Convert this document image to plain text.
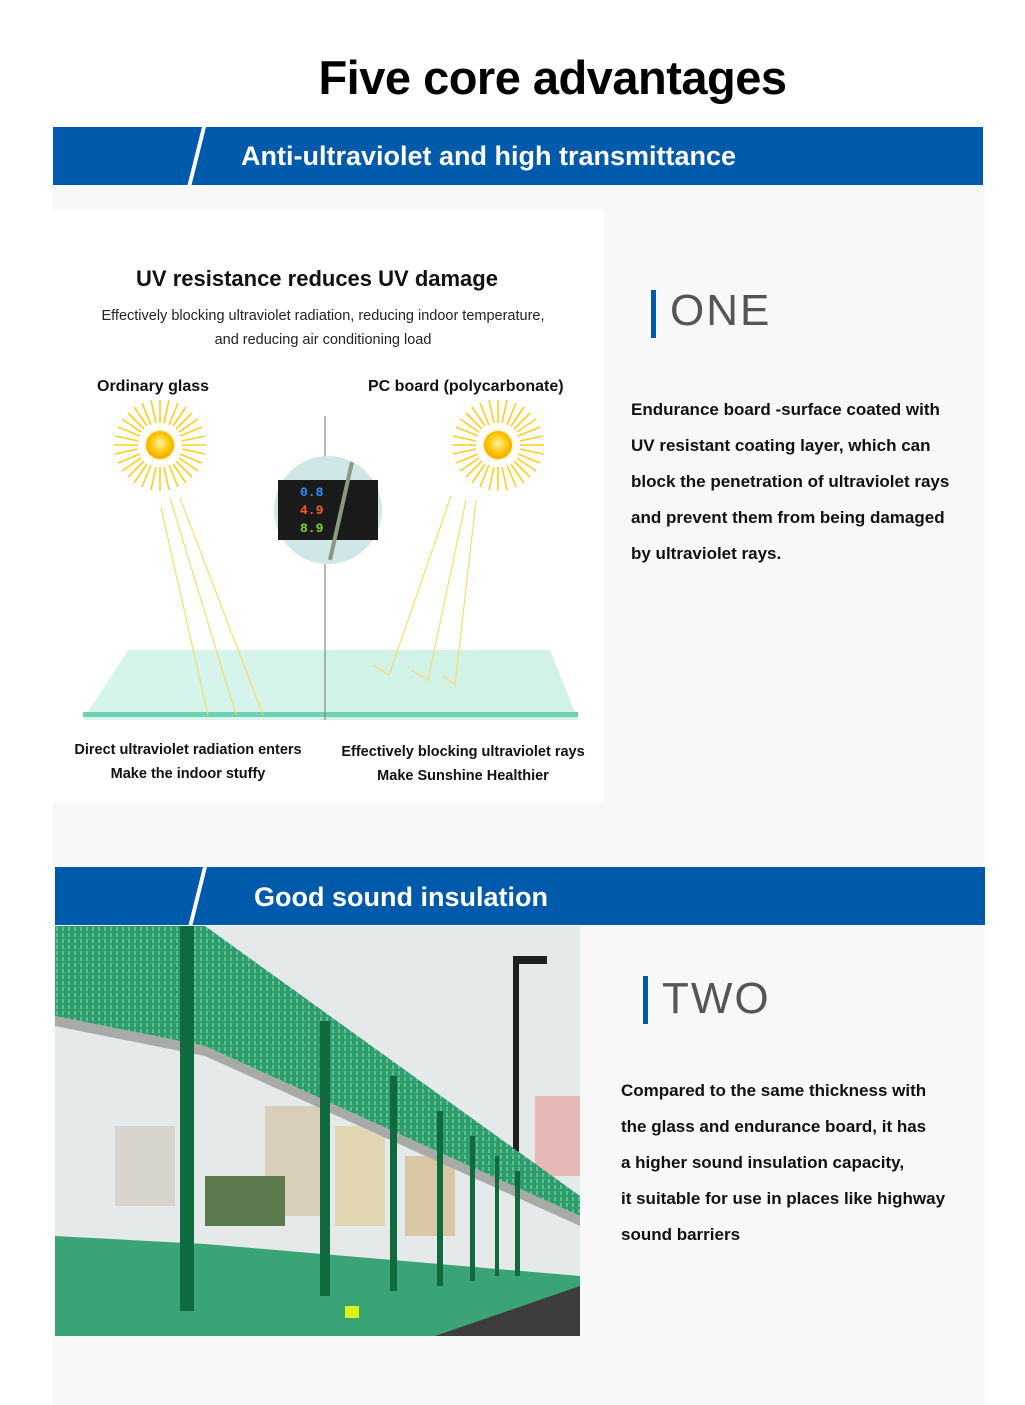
Five core advantages
Anti-ultraviolet and high transmittance
UV resistance reduces UV damage
Effectively blocking ultraviolet radiation, reducing indoor temperature,
and reducing air conditioning load
Ordinary glass	PC board (polycarbonate)
0.8
4.9
8.9
Direct ultraviolet radiation enters
Make the indoor stuffy
Effectively blocking ultraviolet rays
Make Sunshine Healthier
ONE
Endurance board -surface coated with
UV resistant coating layer, which can
block the penetration of ultraviolet rays
and prevent them from being damaged
by ultraviolet rays.
Good sound insulation
TWO
Compared to the same thickness with
the glass and endurance board, it has
a higher sound insulation capacity,
it suitable for use in places like highway
sound barriers
